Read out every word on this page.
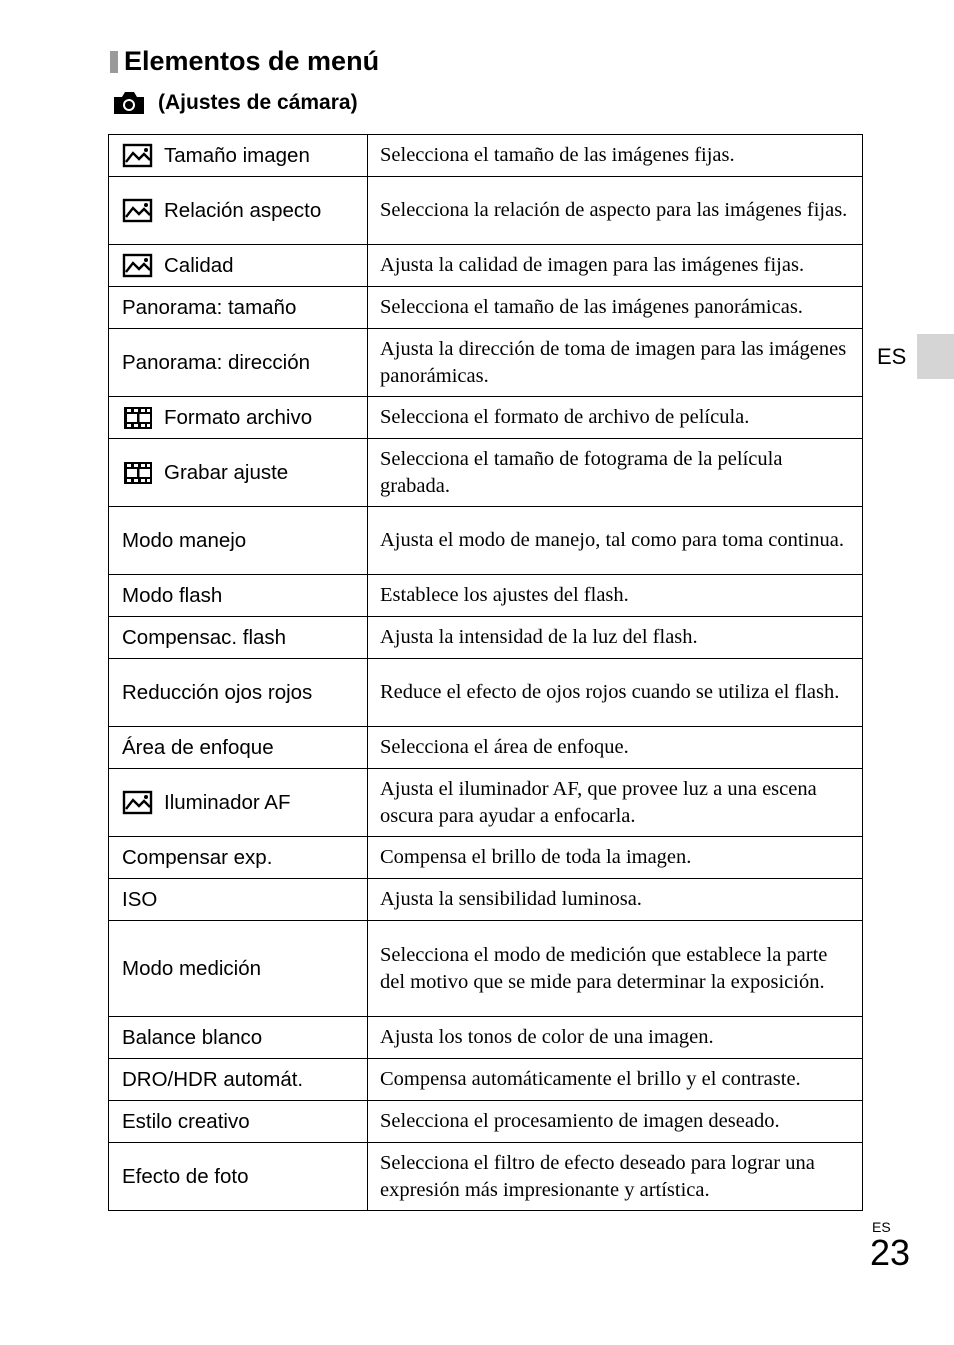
Elementos de menú
(Ajustes de cámara)
Tamaño imagen	Selecciona el tamaño de las imágenes fijas.

Relación aspecto	Selecciona la relación de aspecto para las imágenes fijas.

Calidad	Ajusta la calidad de imagen para las imágenes fijas.

Panorama: tamaño	Selecciona el tamaño de las imágenes panorámicas.

Panorama: dirección	Ajusta la dirección de toma de imagen para las imágenes panorámicas.

Formato archivo	Selecciona el formato de archivo de película.

Grabar ajuste	Selecciona el tamaño de fotograma de la película grabada.

Modo manejo	Ajusta el modo de manejo, tal como para toma continua.

Modo flash	Establece los ajustes del flash.

Compensac. flash	Ajusta la intensidad de la luz del flash.

Reducción ojos rojos	Reduce el efecto de ojos rojos cuando se utiliza el flash.

Área de enfoque	Selecciona el área de enfoque.

Iluminador AF	Ajusta el iluminador AF, que provee luz a una escena oscura para ayudar a enfocarla.

Compensar exp.	Compensa el brillo de toda la imagen.

ISO	Ajusta la sensibilidad luminosa.

Modo medición	Selecciona el modo de medición que establece la parte del motivo que se mide para determinar la exposición.

Balance blanco	Ajusta los tonos de color de una imagen.

DRO/HDR automát.	Compensa automáticamente el brillo y el contraste.

Estilo creativo	Selecciona el procesamiento de imagen deseado.

Efecto de foto	Selecciona el filtro de efecto deseado para lograr una expresión más impresionante y artística.
ES
ES
23
